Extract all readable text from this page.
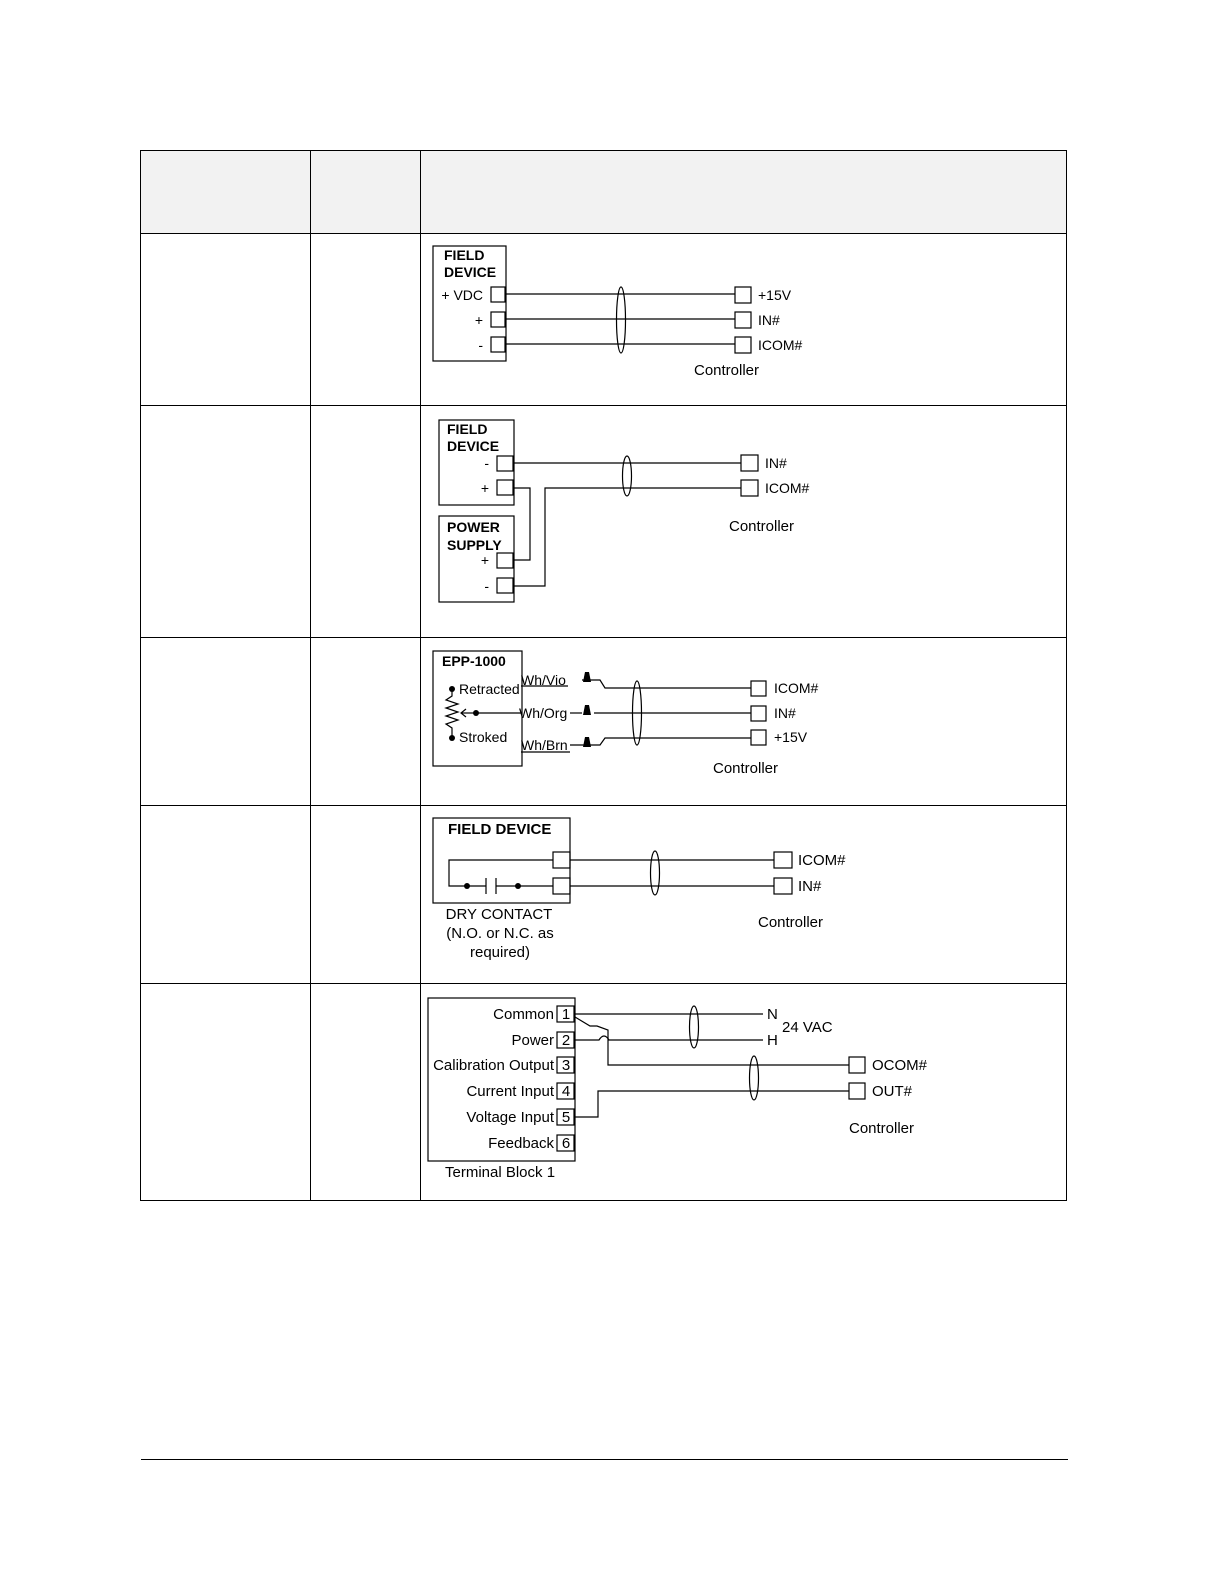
FIELD
DEVICE
+ VDC
+
-
+15V
IN#
ICOM#
Controller
FIELD
DEVICE
-
+
POWER
SUPPLY
+
-
IN#
ICOM#
Controller
EPP-1000
Retracted
Stroked
Wh/Vio
Wh/Org
Wh/Brn
ICOM#
IN#
+15V
Controller
FIELD DEVICE
DRY CONTACT
(N.O. or N.C. as
required)
ICOM#
IN#
Controller
Common
Power
Calibration Output
Current Input
Voltage Input
Feedback
1
2
3
4
5
6
Terminal Block 1
N
H
24 VAC
OCOM#
OUT#
Controller
